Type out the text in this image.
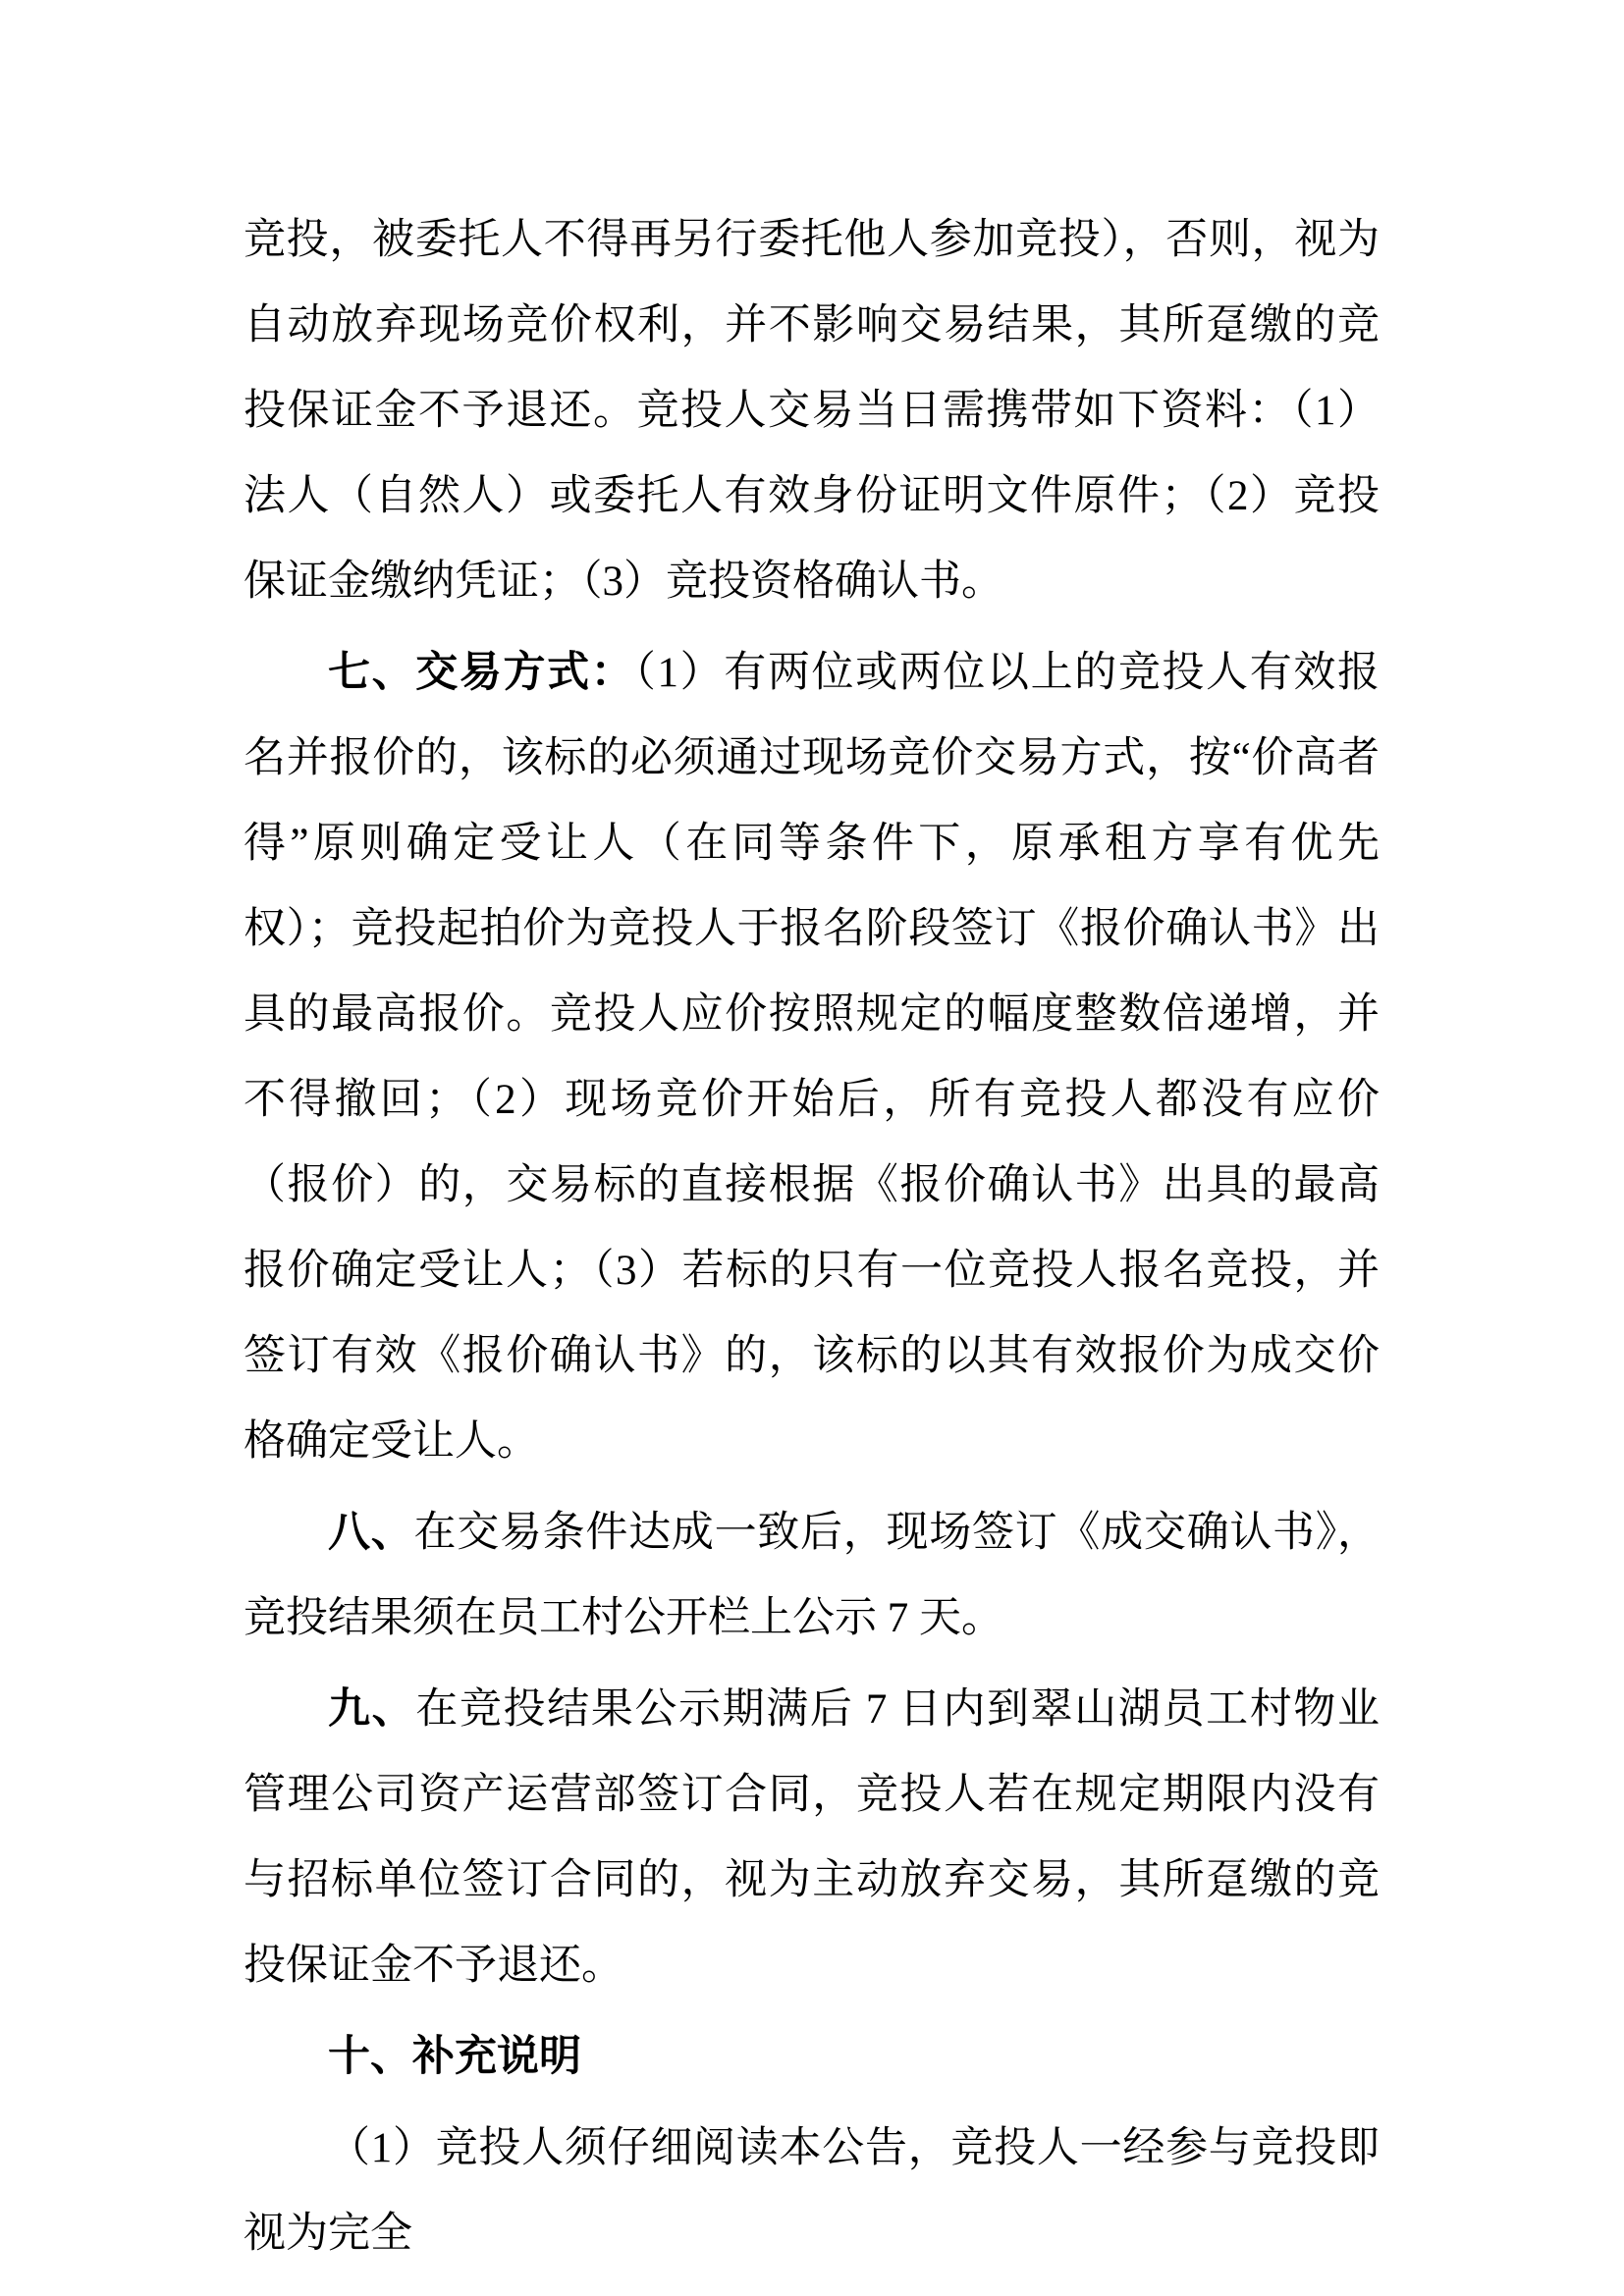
竞投，被委托人不得再另行委托他人参加竞投），否则，视为自动放弃现场竞价权利，并不影响交易结果，其所趸缴的竞投保证金不予退还。竞投人交易当日需携带如下资料：（1）法人（自然人）或委托人有效身份证明文件原件；（2）竞投保证金缴纳凭证；（3）竞投资格确认书。

七、交易方式：（1）有两位或两位以上的竞投人有效报名并报价的，该标的必须通过现场竞价交易方式，按“价高者得”原则确定受让人（在同等条件下，原承租方享有优先权）；竞投起拍价为竞投人于报名阶段签订《报价确认书》出具的最高报价。竞投人应价按照规定的幅度整数倍递增，并不得撤回；（2）现场竞价开始后，所有竞投人都没有应价（报价）的，交易标的直接根据《报价确认书》出具的最高报价确定受让人；（3）若标的只有一位竞投人报名竞投，并签订有效《报价确认书》的，该标的以其有效报价为成交价格确定受让人。

八、在交易条件达成一致后，现场签订《成交确认书》，竞投结果须在员工村公开栏上公示 7 天。

九、在竞投结果公示期满后 7 日内到翠山湖员工村物业管理公司资产运营部签订合同，竞投人若在规定期限内没有与招标单位签订合同的，视为主动放弃交易，其所趸缴的竞投保证金不予退还。

十、补充说明

（1）竞投人须仔细阅读本公告，竞投人一经参与竞投即视为完全
